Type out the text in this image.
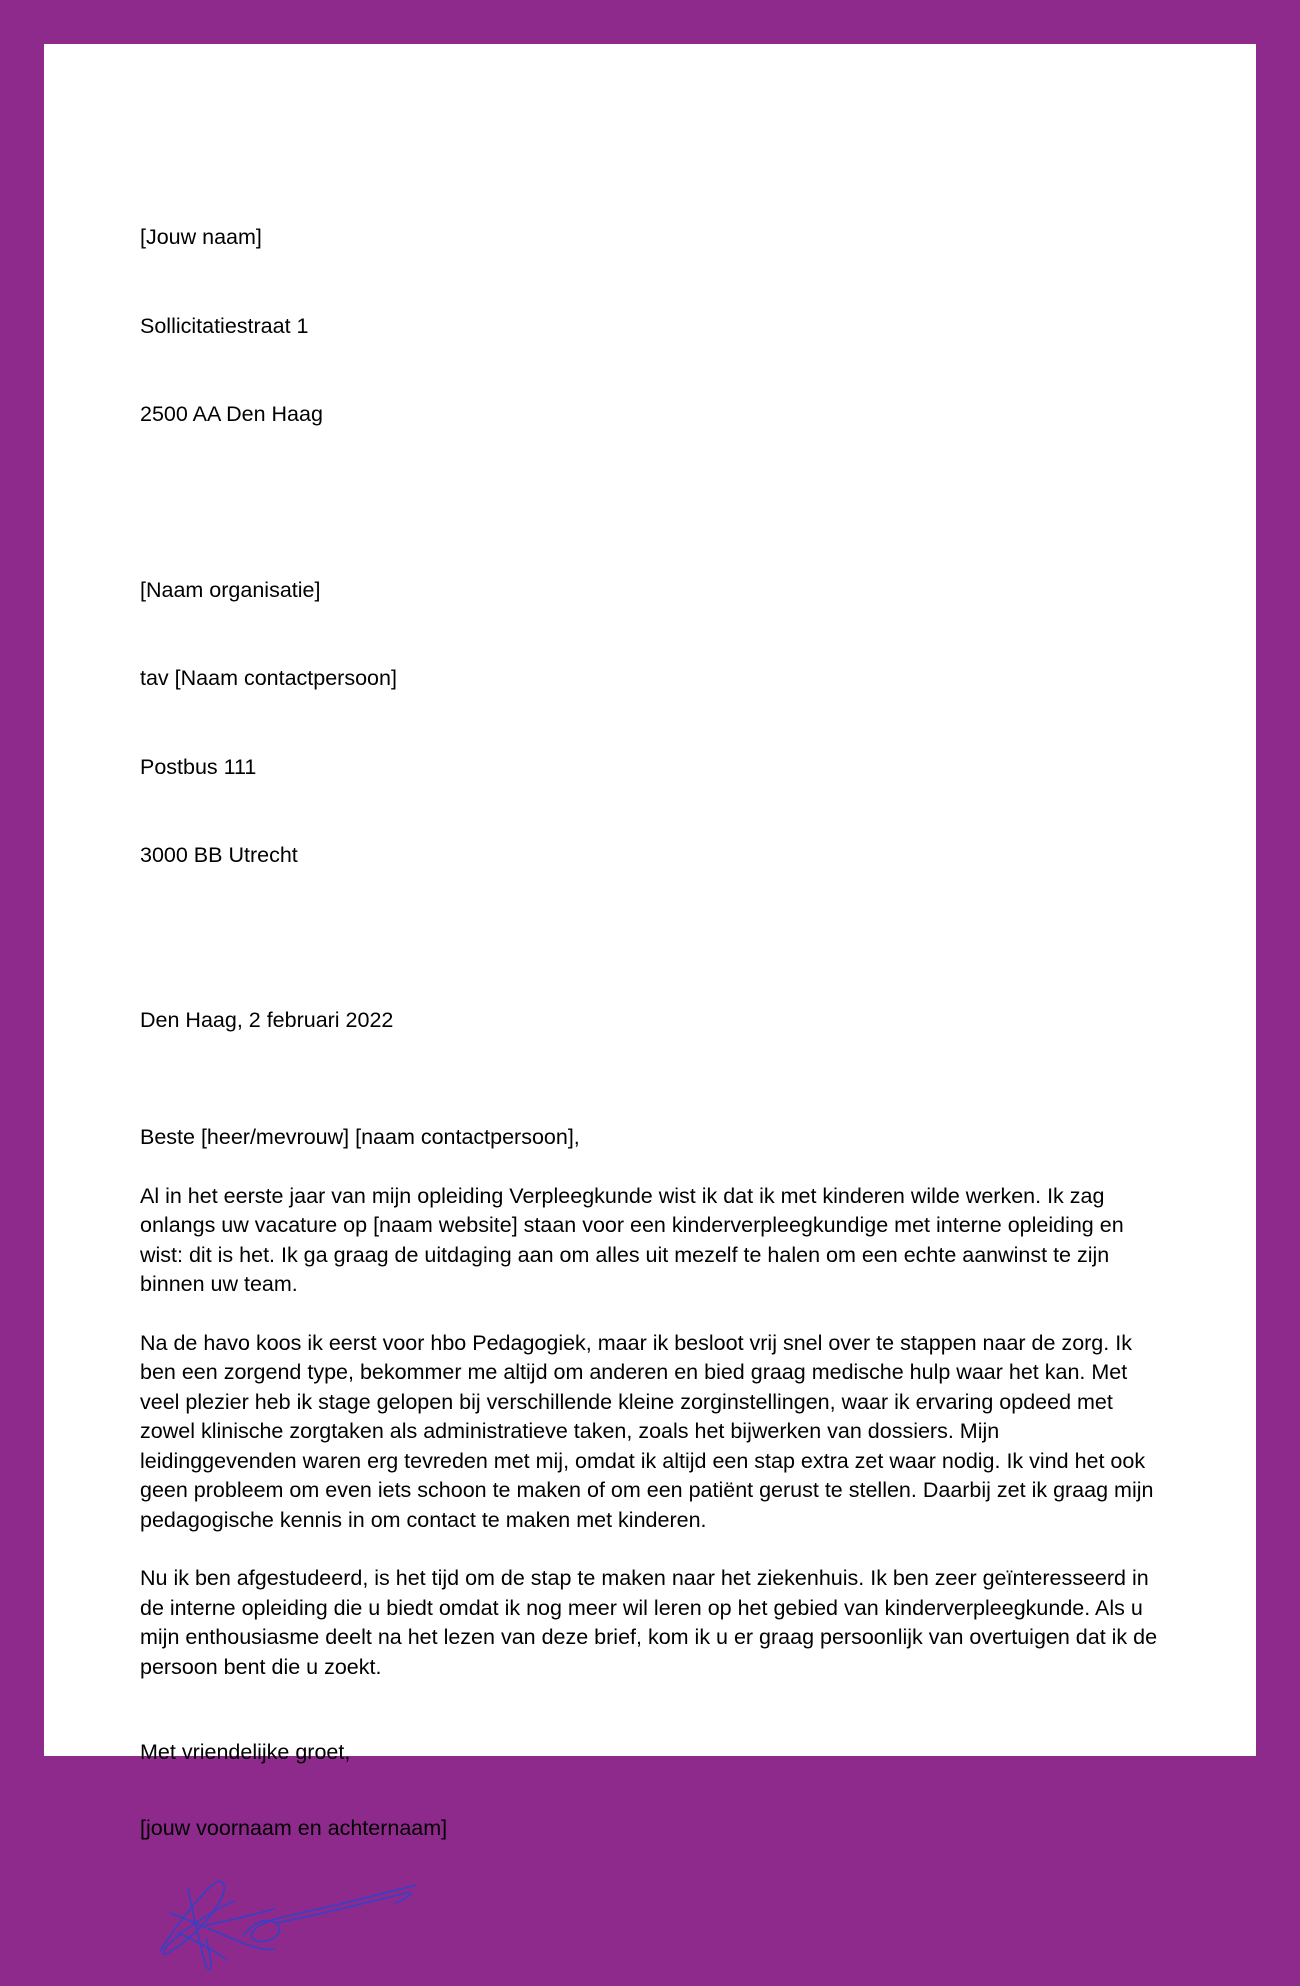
[Jouw naam]

Sollicitatiestraat 1

2500 AA Den Haag

[Naam organisatie]

tav [Naam contactpersoon]

Postbus 111

3000 BB Utrecht

Den Haag, 2 februari 2022
Beste [heer/mevrouw] [naam contactpersoon],

Al in het eerste jaar van mijn opleiding Verpleegkunde wist ik dat ik met kinderen wilde werken. Ik zag onlangs uw vacature op [naam website] staan voor een kinderverpleegkundige met interne opleiding en wist: dit is het. Ik ga graag de uitdaging aan om alles uit mezelf te halen om een echte aanwinst te zijn binnen uw team.

Na de havo koos ik eerst voor hbo Pedagogiek, maar ik besloot vrij snel over te stappen naar de zorg. Ik ben een zorgend type, bekommer me altijd om anderen en bied graag medische hulp waar het kan. Met veel plezier heb ik stage gelopen bij verschillende kleine zorginstellingen, waar ik ervaring opdeed met zowel klinische zorgtaken als administratieve taken, zoals het bijwerken van dossiers. Mijn leidinggevenden waren erg tevreden met mij, omdat ik altijd een stap extra zet waar nodig. Ik vind het ook geen probleem om even iets schoon te maken of om een patiënt gerust te stellen. Daarbij zet ik graag mijn pedagogische kennis in om contact te maken met kinderen.

Nu ik ben afgestudeerd, is het tijd om de stap te maken naar het ziekenhuis. Ik ben zeer geïnteresseerd in de interne opleiding die u biedt omdat ik nog meer wil leren op het gebied van kinderverpleegkunde. Als u mijn enthousiasme deelt na het lezen van deze brief, kom ik u er graag persoonlijk van overtuigen dat ik de persoon bent die u zoekt.

Met vriendelijke groet,
[jouw voornaam en achternaam]
